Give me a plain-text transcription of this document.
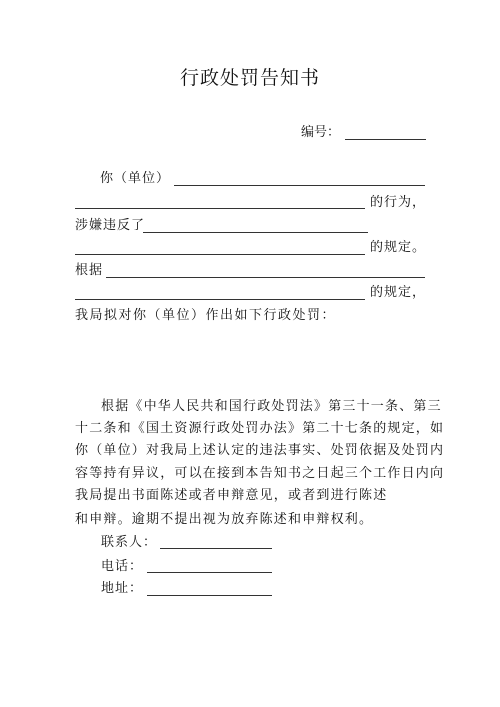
行政处罚告知书
编号：
你（单位）
的行为，
涉嫌违反了
的规定。
根据
的规定，
我局拟对你（单位）作出如下行政处罚：
根据《中华人民共和国行政处罚法》第三十一条、第三
十二条和《国土资源行政处罚办法》第二十七条的规定，如
你（单位）对我局上述认定的违法事实、处罚依据及处罚内
容等持有异议，可以在接到本告知书之日起三个工作日内向
我局提出书面陈述或者申辩意见，或者到进行陈述
和申辩。逾期不提出视为放弃陈述和申辩权利。
联系人：
电话：
地址：
